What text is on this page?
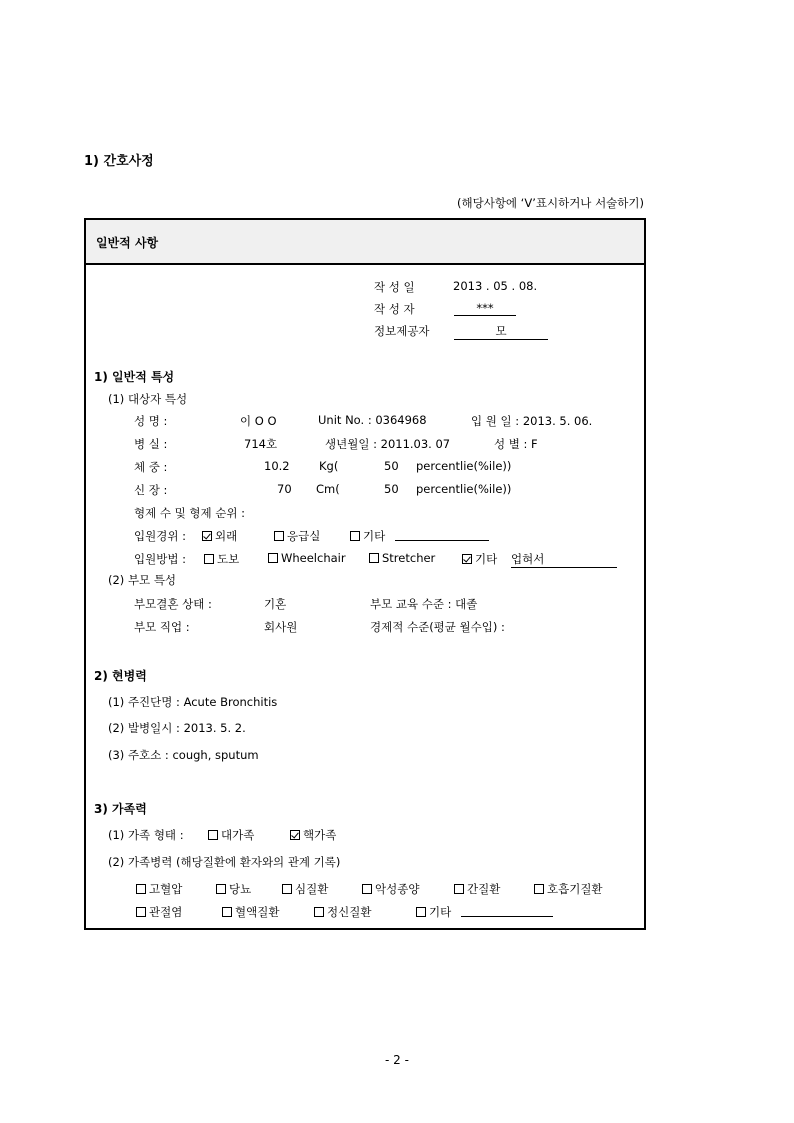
1) 간호사정
(해당사항에 ‘V’표시하거나 서술하기)
일반적 사항
작 성 일	2013 . 05 . 08.
작 성 자	***
정보제공자	모
1) 일반적 특성
(1) 대상자 특성
성 명 :	이 O O	Unit No. : 0364968	입 원 일 : 2013. 5. 06.
병 실 :	714호	생년월일 : 2011.03. 07	성 별 : F
체 중 :	10.2	Kg(	50 percentlie(%ile))
신 장 :	70 Cm(	50 percentlie(%ile))
형제 수 및 형제 순위 :
입원경위 :	외래	응급실	기타
입원방법 :	도보	Wheelchair	Stretcher	기타 업혀서
(2) 부모 특성
부모결혼 상태 :	기혼	부모 교육 수준 : 대졸
부모 직업 :	회사원	경제적 수준(평균 월수입) :
2) 현병력
(1) 주진단명 : Acute Bronchitis
(2) 발병일시 : 2013. 5. 2.
(3) 주호소 : cough, sputum
3) 가족력
(1) 가족 형태 :	대가족	핵가족
(2) 가족병력 (해당질환에 환자와의 관계 기록)
고혈압	당뇨	심질환	악성종양	간질환	호흡기질환
관절염	혈액질환	정신질환	기타
- 2 -
